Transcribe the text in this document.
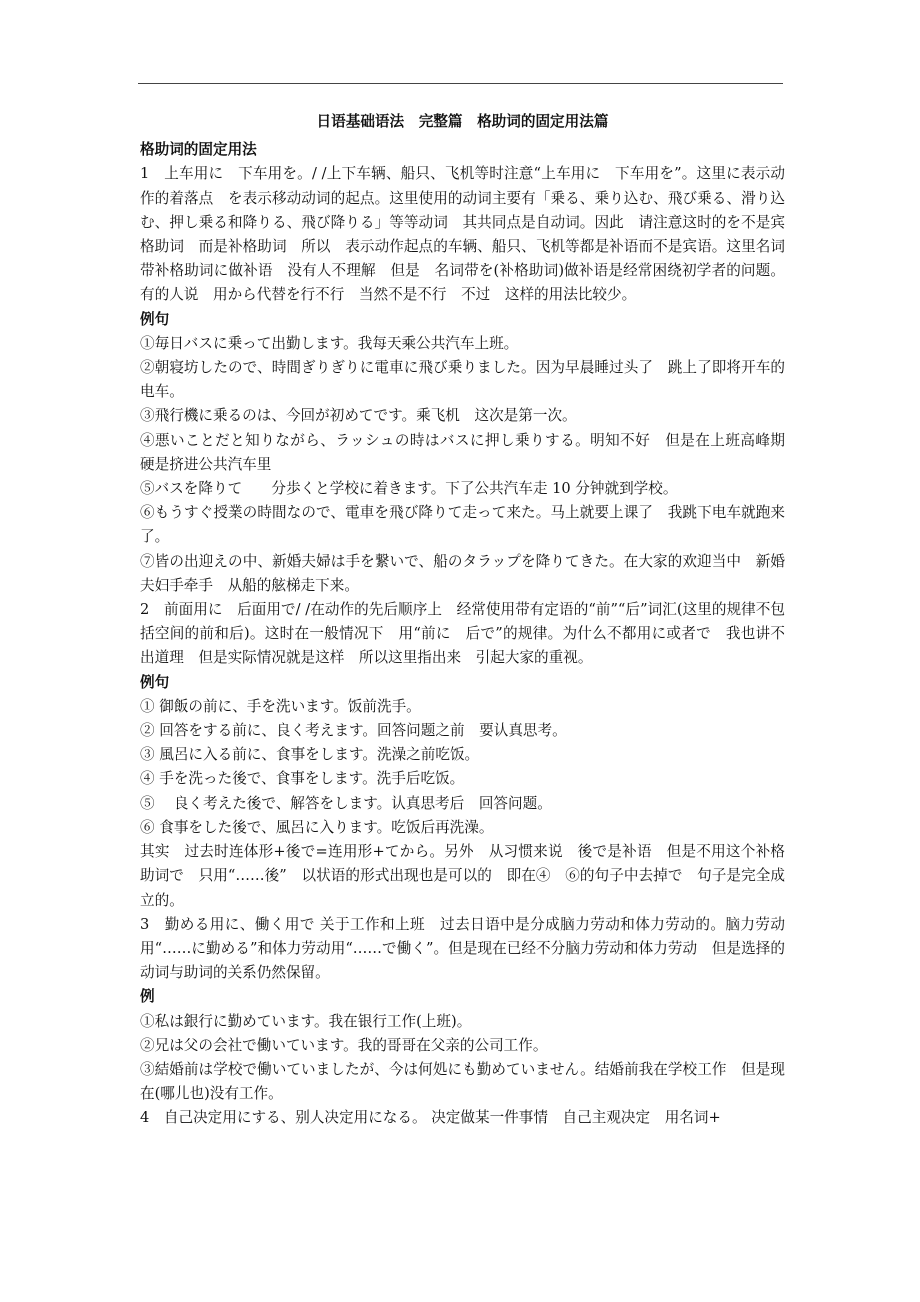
日语基础语法　完整篇　格助词的固定用法篇

格助词的固定用法

1　上车用に　下车用を。/ /上下车辆、船只、飞机等时注意“上车用に　下车用を”。这里に表示动作的着落点　を表示移动动词的起点。这里使用的动词主要有「乗る、乗り込む、飛び乗る、滑り込む、押し乗る和降りる、飛び降りる」等等动词　其共同点是自动词。因此　请注意这时的を不是宾格助词　而是补格助词　所以　表示动作起点的车辆、船只、飞机等都是补语而不是宾语。这里名词带补格助词に做补语　没有人不理解　但是　名词带を(补格助词)做补语是经常困绕初学者的问题。有的人说　用から代替を行不行　当然不是不行　不过　这样的用法比较少。

例句

①毎日バスに乗って出勤します。我每天乘公共汽车上班。

②朝寝坊したので、時間ぎりぎりに電車に飛び乗りました。因为早晨睡过头了　跳上了即将开车的电车。

③飛行機に乗るのは、今回が初めてです。乘飞机　这次是第一次。

④悪いことだと知りながら、ラッシュの時はバスに押し乗りする。明知不好　但是在上班高峰期　硬是挤进公共汽车里

⑤バスを降りて　　分歩くと学校に着きます。下了公共汽车走 10 分钟就到学校。

⑥もうすぐ授業の時間なので、電車を飛び降りて走って来た。马上就要上课了　我跳下电车就跑来了。

⑦皆の出迎えの中、新婚夫婦は手を繋いで、船のタラップを降りてきた。在大家的欢迎当中　新婚夫妇手牵手　从船的舷梯走下来。

2　前面用に　后面用で/ /在动作的先后顺序上　经常使用带有定语的“前”“后”词汇(这里的规律不包括空间的前和后)。这时在一般情况下　用“前に　后で”的规律。为什么不都用に或者で　我也讲不出道理　但是实际情况就是这样　所以这里指出来　引起大家的重视。

例句

① 御飯の前に、手を洗います。饭前洗手。

② 回答をする前に、良く考えます。回答问题之前　要认真思考。

③ 風呂に入る前に、食事をします。洗澡之前吃饭。

④ 手を洗った後で、食事をします。洗手后吃饭。

⑤　 良く考えた後で、解答をします。认真思考后　回答问题。

⑥ 食事をした後で、風呂に入ります。吃饭后再洗澡。

其实　过去时连体形+後で=连用形+てから。另外　从习惯来说　後で是补语　但是不用这个补格助词で　只用“……後”　以状语的形式出现也是可以的　即在④　⑥的句子中去掉で　句子是完全成立的。

3　勤める用に、働く用で 关于工作和上班　过去日语中是分成脑力劳动和体力劳动的。脑力劳动用“……に勤める”和体力劳动用“……で働く”。但是现在已经不分脑力劳动和体力劳动　但是选择的动词与助词的关系仍然保留。

例

①私は銀行に勤めています。我在银行工作(上班)。

②兄は父の会社で働いています。我的哥哥在父亲的公司工作。

③結婚前は学校で働いていましたが、今は何処にも勤めていません。结婚前我在学校工作　但是现在(哪儿也)没有工作。

4　自己决定用にする、别人决定用になる。 决定做某一件事情　自己主观决定　用名词+
